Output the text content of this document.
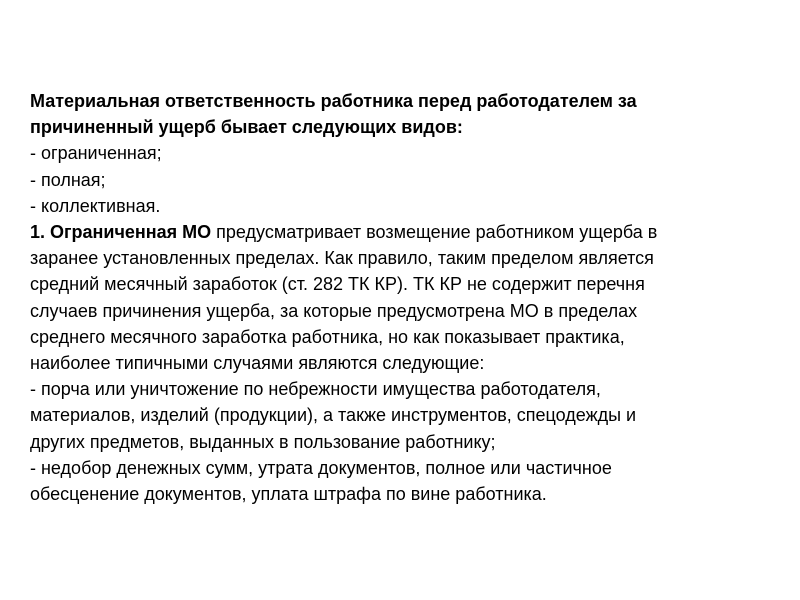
Материальная ответственность работника перед работодателем за
причиненный ущерб бывает следующих видов:
- ограниченная;
- полная;
- коллективная.
1. Ограниченная МО предусматривает возмещение работником ущерба в
заранее установленных пределах. Как правило, таким пределом является
средний месячный заработок (ст. 282 ТК КР). ТК КР не содержит перечня
случаев причинения ущерба, за которые предусмотрена МО в пределах
среднего месячного заработка работника, но как показывает практика,
наиболее типичными случаями являются следующие:
- порча или уничтожение по небрежности имущества работодателя,
материалов, изделий (продукции), а также инструментов, спецодежды и
других предметов, выданных в пользование работнику;
- недобор денежных сумм, утрата документов, полное или частичное
обесценение документов, уплата штрафа по вине работника.
